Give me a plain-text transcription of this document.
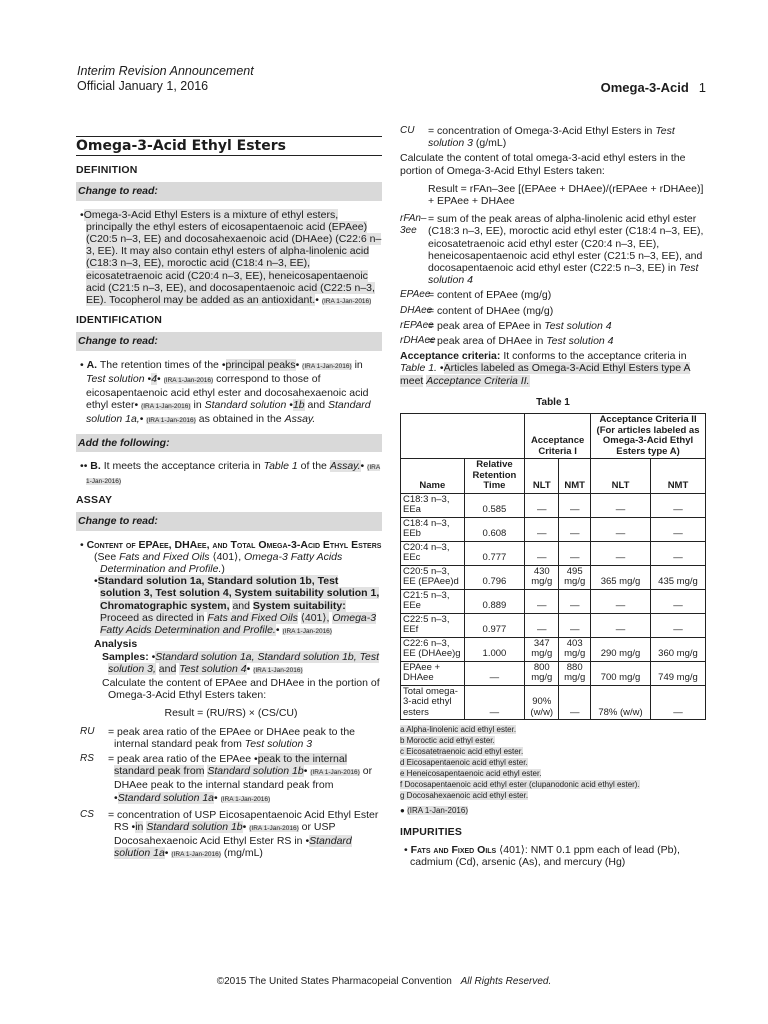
Interim Revision Announcement
Official January 1, 2016	Omega-3-Acid 1
Omega-3-Acid Ethyl Esters
DEFINITION
Change to read:
•Omega-3-Acid Ethyl Esters is a mixture of ethyl esters, principally the ethyl esters of eicosapentaenoic acid (EPAee) (C20:5 n–3, EE) and docosahexaenoic acid (DHAee) (C22:6 n–3, EE). It may also contain ethyl esters of alpha-linolenic acid (C18:3 n–3, EE), moroctic acid (C18:4 n–3, EE), eicosatetraenoic acid (C20:4 n–3, EE), heneicosapentaenoic acid (C21:5 n–3, EE), and docosapentaenoic acid (C22:5 n–3, EE). Tocopherol may be added as an antioxidant.• (IRA 1-Jan-2016)
IDENTIFICATION
Change to read:
• A. The retention times of the •principal peaks• (IRA 1-Jan-2016) in Test solution •4• (IRA 1-Jan-2016) correspond to those of eicosapentaenoic acid ethyl ester and docosahexaenoic acid ethyl ester• (IRA 1-Jan-2016) in Standard solution •1b and Standard solution 1a,• (IRA 1-Jan-2016) as obtained in the Assay.
Add the following:
•• B. It meets the acceptance criteria in Table 1 of the Assay.• (IRA 1-Jan-2016)
ASSAY
Change to read:
• Content of EPAee, DHAee, and Total Omega-3-Acid Ethyl Esters
(See Fats and Fixed Oils ⟨401⟩, Omega-3 Fatty Acids Determination and Profile.)
•Standard solution 1a, Standard solution 1b, Test solution 3, Test solution 4, System suitability solution 1, Chromatographic system, and System suitability: Proceed as directed in Fats and Fixed Oils ⟨401⟩, Omega-3 Fatty Acids Determination and Profile.• (IRA 1-Jan-2016)
Analysis
Samples: •Standard solution 1a, Standard solution 1b, Test solution 3, and Test solution 4• (IRA 1-Jan-2016)
Calculate the content of EPAee and DHAee in the portion of Omega-3-Acid Ethyl Esters taken:
Result = (RU/RS) × (CS/CU)
RU	= peak area ratio of the EPAee or DHAee peak to the internal standard peak from Test solution 3
RS	= peak area ratio of the EPAee •peak to the internal standard peak from Standard solution 1b• (IRA 1-Jan-2016) or DHAee peak to the internal standard peak from •Standard solution 1a• (IRA 1-Jan-2016)
CS	= concentration of USP Eicosapentaenoic Acid Ethyl Ester RS •in Standard solution 1b• (IRA 1-Jan-2016) or USP Docosahexaenoic Acid Ethyl Ester RS in •Standard solution 1a• (IRA 1-Jan-2016) (mg/mL)
CU	= concentration of Omega-3-Acid Ethyl Esters in Test solution 3 (g/mL)
Calculate the content of total omega-3-acid ethyl esters in the portion of Omega-3-Acid Ethyl Esters taken:
Result = rFAn–3ee [(EPAee + DHAee)/(rEPAee + rDHAee)] + EPAee + DHAee
rFAn–3ee
= sum of the peak areas of alpha-linolenic acid ethyl ester (C18:3 n–3, EE), moroctic acid ethyl ester (C18:4 n–3, EE), eicosatetraenoic acid ethyl ester (C20:4 n–3, EE), heneicosapentaenoic acid ethyl ester (C21:5 n–3, EE), and docosapentaenoic acid ethyl ester (C22:5 n–3, EE) in Test solution 4
EPAee
= content of EPAee (mg/g)
DHAee
= content of DHAee (mg/g)
rEPAee
= peak area of EPAee in Test solution 4
rDHAee
= peak area of DHAee in Test solution 4
Acceptance criteria: It conforms to the acceptance criteria in Table 1. •Articles labeled as Omega-3-Acid Ethyl Esters type A meet Acceptance Criteria II.
Table 1
		Acceptance Criteria I		Acceptance Criteria II (For articles labeled as Omega-3-Acid Ethyl Esters type A)	
Name	Relative Retention Time	NLT	NMT	NLT	NMT
C18:3 n–3, EEa	0.585	—	—	—	—
C18:4 n–3, EEb	0.608	—	—	—	—
C20:4 n–3, EEc	0.777	—	—	—	—
C20:5 n–3, EE (EPAee)d	0.796	430 mg/g	495 mg/g	365 mg/g	435 mg/g
C21:5 n–3, EEe	0.889	—	—	—	—
C22:5 n–3, EEf	0.977	—	—	—	—
C22:6 n–3, EE (DHAee)g	1.000	347 mg/g	403 mg/g	290 mg/g	360 mg/g
EPAee + DHAee	—	800 mg/g	880 mg/g	700 mg/g	749 mg/g
Total omega-3-acid ethyl esters	—	90% (w/w)	—	78% (w/w)	—
a Alpha-linolenic acid ethyl ester.
b Moroctic acid ethyl ester.
c Eicosatetraenoic acid ethyl ester.
d Eicosapentaenoic acid ethyl ester.
e Heneicosapentaenoic acid ethyl ester.
f Docosapentaenoic acid ethyl ester (clupanodonic acid ethyl ester).
g Docosahexaenoic acid ethyl ester.
● (IRA 1-Jan-2016)
IMPURITIES
• Fats and Fixed Oils ⟨401⟩: NMT 0.1 ppm each of lead (Pb), cadmium (Cd), arsenic (As), and mercury (Hg)
©2015 The United States Pharmacopeial Convention All Rights Reserved.
